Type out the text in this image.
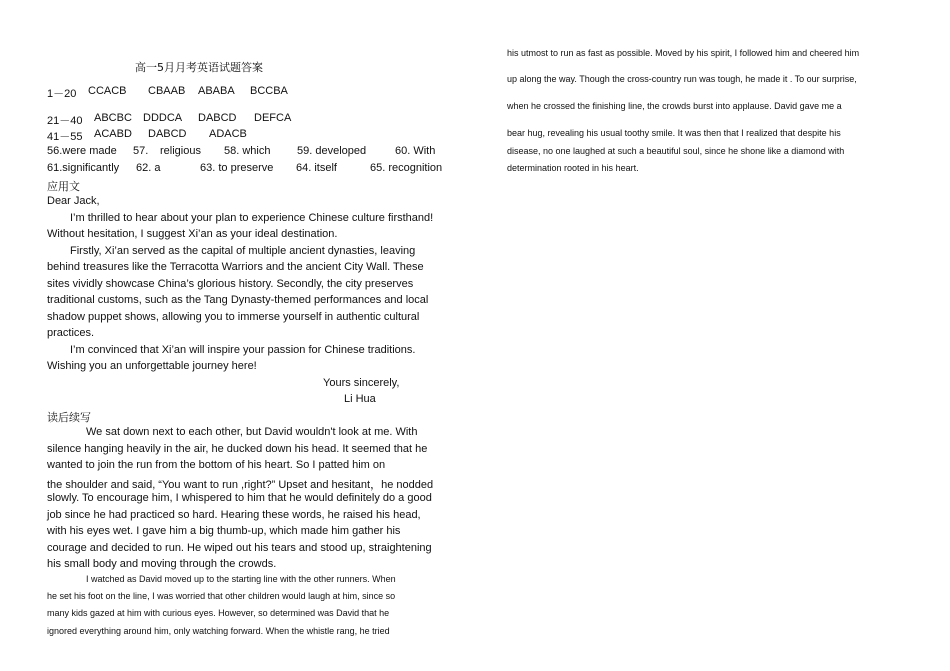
高一5月月考英语试题答案
1－20 CCACB CBAAB ABABA BCCBA
21－40 ABCBC DDDCA DABCD DEFCA
41－55 ACABD DABCD ADACB
56.were made 57. religious 58. which 59. developed	60. With
61.significantly 62. a	63. to preserve 64. itself	65. recognition
应用文
Dear Jack,
I’m thrilled to hear about your plan to experience Chinese culture firsthand!
Without hesitation, I suggest Xi’an as your ideal destination.
Firstly, Xi’an served as the capital of multiple ancient dynasties, leaving
behind treasures like the Terracotta Warriors and the ancient City Wall. These
sites vividly showcase China’s glorious history. Secondly, the city preserves
traditional customs, such as the Tang Dynasty-themed performances and local
shadow puppet shows, allowing you to immerse yourself in authentic cultural
practices.
I’m convinced that Xi’an will inspire your passion for Chinese traditions.
Wishing you an unforgettable journey here!
Yours sincerely,
Li Hua
读后续写
We sat down next to each other, but David wouldn't look at me. With
silence hanging heavily in the air, he ducked down his head. It seemed that he
wanted to join the run from the bottom of his heart. So I patted him on
the shoulder and said, “You want to run ,right?” Upset and hesitant，he nodded
slowly. To encourage him, I whispered to him that he would definitely do a good
job since he had practiced so hard. Hearing these words, he raised his head,
with his eyes wet. I gave him a big thumb-up, which made him gather his
courage and decided to run. He wiped out his tears and stood up, straightening
his small body and moving through the crowds.
I watched as David moved up to the starting line with the other runners. When
he set his foot on the line, I was worried that other children would laugh at him, since so
many kids gazed at him with curious eyes. However, so determined was David that he
ignored everything around him, only watching forward. When the whistle rang, he tried
his utmost to run as fast as possible. Moved by his spirit, I followed him and cheered him
up along the way. Though the cross-country run was tough, he made it . To our surprise,
when he crossed the finishing line, the crowds burst into applause. David gave me a
bear hug, revealing his usual toothy smile. It was then that I realized that despite his
disease, no one laughed at such a beautiful soul, since he shone like a diamond with
determination rooted in his heart.
